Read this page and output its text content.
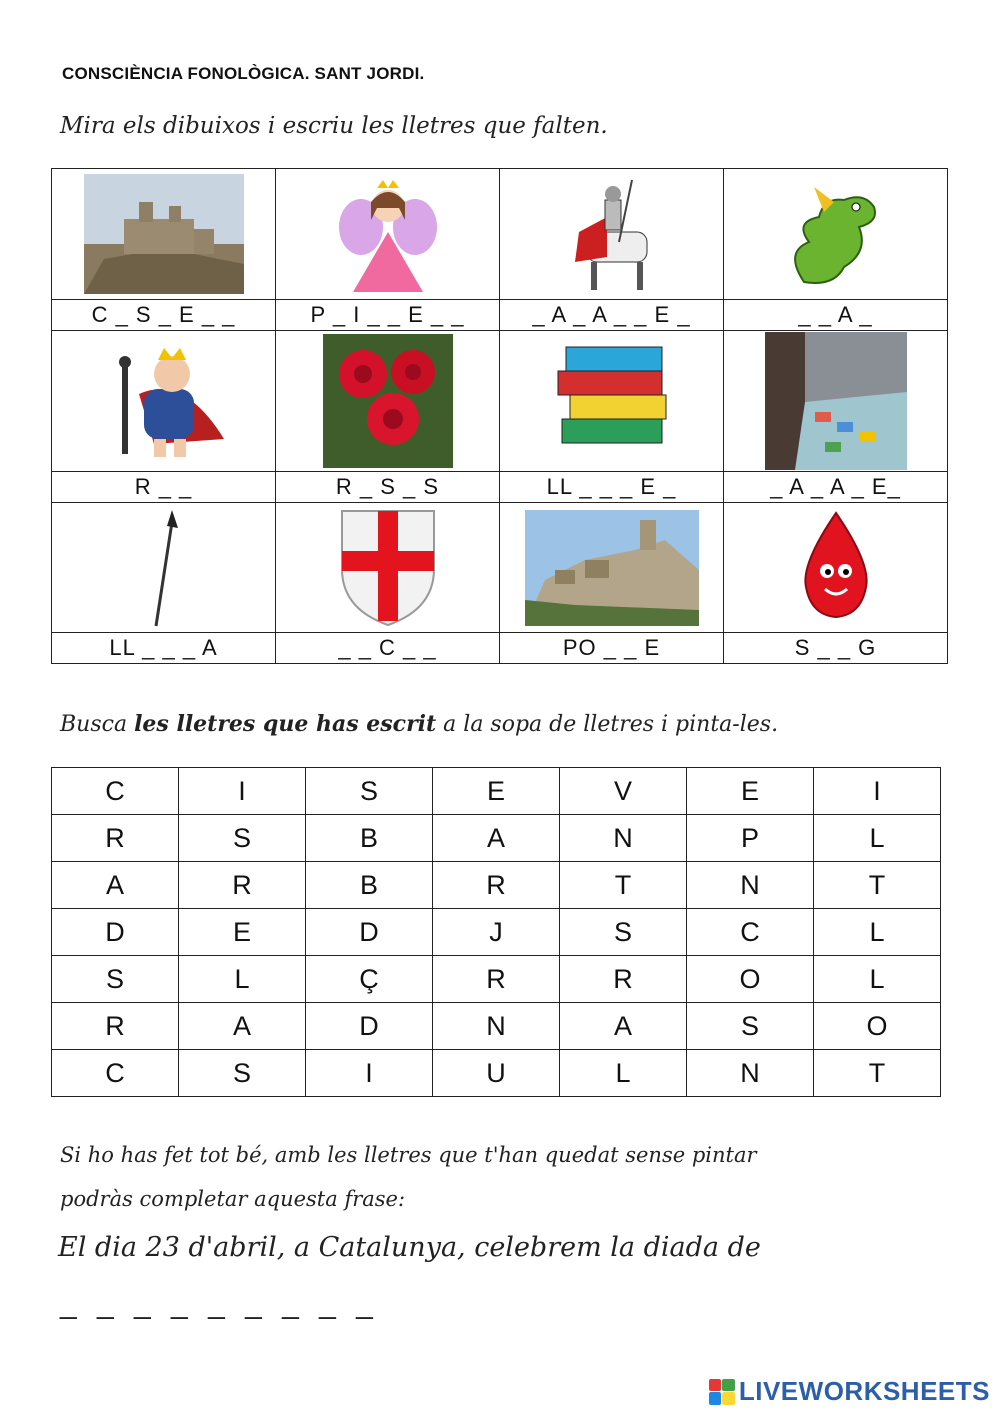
CONSCIÈNCIA FONOLÒGICA. SANT JORDI.
Mira els dibuixos i escriu les lletres que falten.

C _ S _ E _ _	P _ I _ _ E _ _	_ A _ A _ _ E _	_ _ A _

R _ _	R _ S _ S	LL _ _ _ E _	_ A _ A _ E_

LL _ _ _ A	_ _ C _ _	PO _ _ E	S _ _ G
Busca les lletres que has escrit a la sopa de lletres i pinta-les.
C	I	S	E	V	E	I
R	S	B	A	N	P	L
A	R	B	R	T	N	T
D	E	D	J	S	C	L
S	L	Ç	R	R	O	L
R	A	D	N	A	S	O
C	S	I	U	L	N	T
Si ho has fet tot bé, amb les lletres que t'han quedat sense pintar
podràs completar aquesta frase:
El dia 23 d'abril, a Catalunya, celebrem la diada de
_ _ _ _ _ _ _ _ _
LIVEWORKSHEETS
